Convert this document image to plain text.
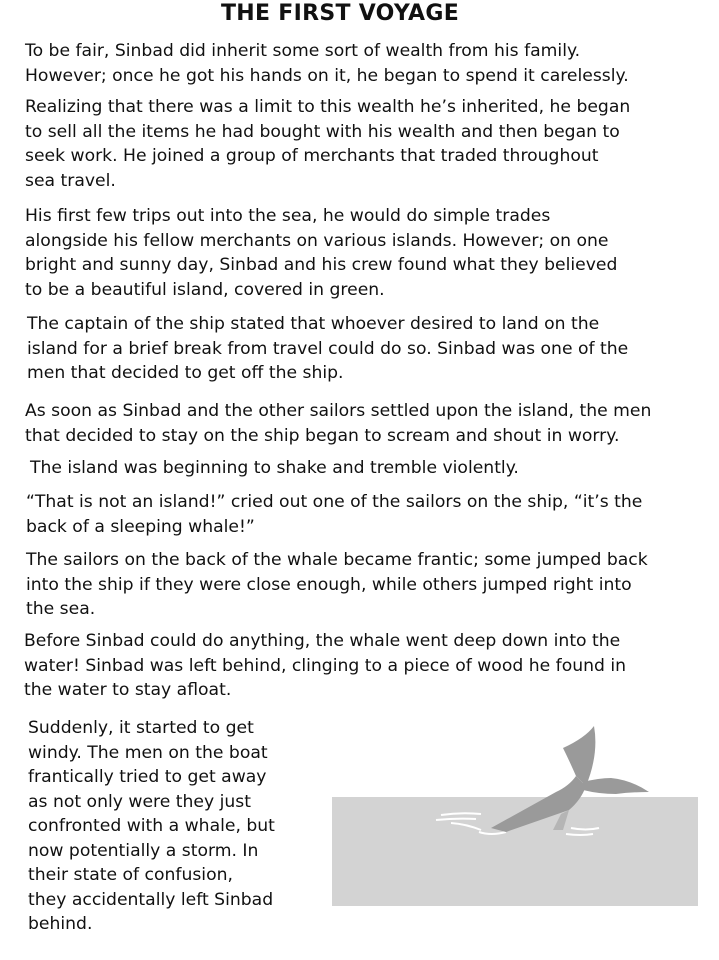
THE FIRST VOYAGE

To be fair, Sinbad did inherit some sort of wealth from his family.
However; once he got his hands on it, he began to spend it carelessly.

Realizing that there was a limit to this wealth he’s inherited, he began
to sell all the items he had bought with his wealth and then began to
seek work. He joined a group of merchants that traded throughout
sea travel.

His first few trips out into the sea, he would do simple trades
alongside his fellow merchants on various islands. However; on one
bright and sunny day, Sinbad and his crew found what they believed
to be a beautiful island, covered in green.

The captain of the ship stated that whoever desired to land on the
island for a brief break from travel could do so. Sinbad was one of the
men that decided to get off the ship.

As soon as Sinbad and the other sailors settled upon the island, the men
that decided to stay on the ship began to scream and shout in worry.

The island was beginning to shake and tremble violently.

“That is not an island!” cried out one of the sailors on the ship, “it’s the
back of a sleeping whale!”

The sailors on the back of the whale became frantic; some jumped back
into the ship if they were close enough, while others jumped right into
the sea.

Before Sinbad could do anything, the whale went deep down into the
water! Sinbad was left behind, clinging to a piece of wood he found in
the water to stay afloat.

Suddenly, it started to get
windy. The men on the boat
frantically tried to get away
as not only were they just
confronted with a whale, but
now potentially a storm. In
their state of confusion,
they accidentally left Sinbad
behind.
